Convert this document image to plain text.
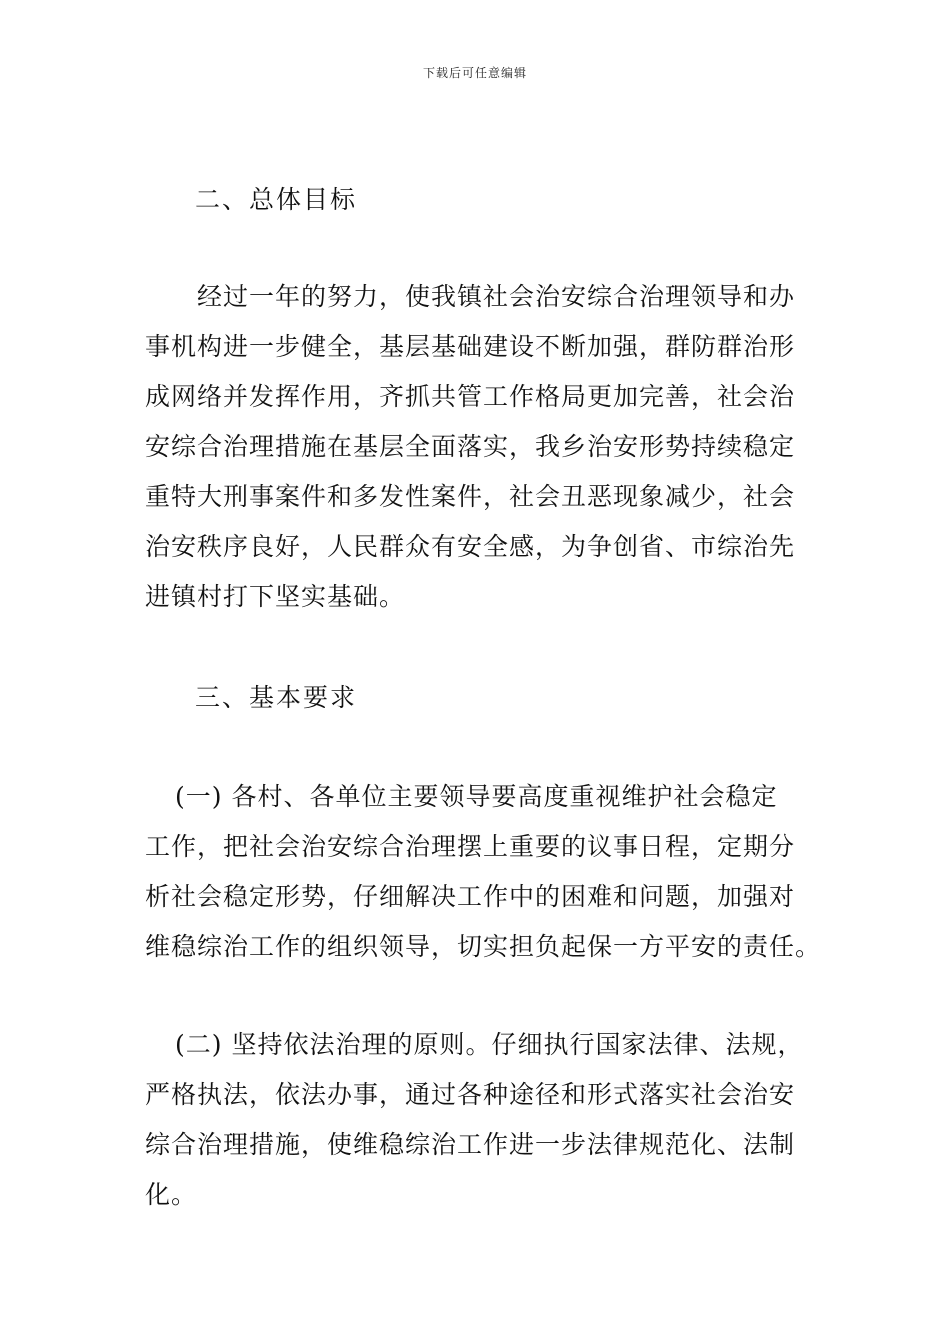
下载后可任意编辑
二、总体目标
经过一年的努力，使我镇社会治安综合治理领导和办
事机构进一步健全，基层基础建设不断加强，群防群治形
成网络并发挥作用，齐抓共管工作格局更加完善，社会治
安综合治理措施在基层全面落实，我乡治安形势持续稳定
重特大刑事案件和多发性案件，社会丑恶现象减少，社会
治安秩序良好，人民群众有安全感，为争创省、市综治先
进镇村打下坚实基础。
三、基本要求
(一) 各村、各单位主要领导要高度重视维护社会稳定
工作，把社会治安综合治理摆上重要的议事日程，定期分
析社会稳定形势，仔细解决工作中的困难和问题，加强对
维稳综治工作的组织领导，切实担负起保一方平安的责任。
(二) 坚持依法治理的原则。仔细执行国家法律、法规，
严格执法，依法办事，通过各种途径和形式落实社会治安
综合治理措施，使维稳综治工作进一步法律规范化、法制
化。
